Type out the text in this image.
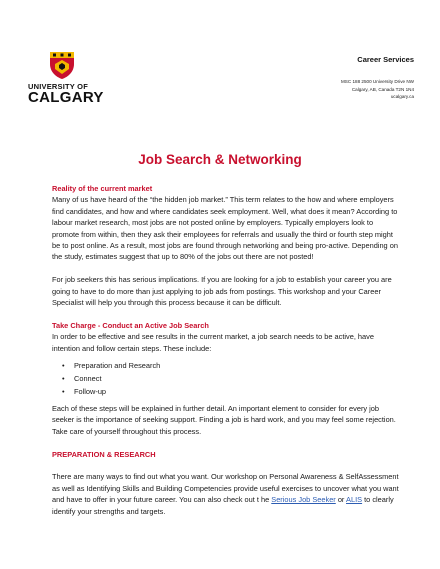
UNIVERSITY OF
CALGARY
Career Services
MSC 188 2500 University Drive NW
Calgary, AB, Canada T2N 1N4
ucalgary.ca
Job Search & Networking

Reality of the current market

Many of us have heard of the “the hidden job market.” This term relates to the how and where employers find candidates, and how and where candidates seek employment. Well, what does it mean? According to labour market research, most jobs are not posted online by employers. Typically employers look to promote from within, then they ask their employees for referrals and usually the third or fourth step might be to post online. As a result, most jobs are found through networking and being pro-active. Depending on the study, estimates suggest that up to 80% of the jobs out there are not posted!

For job seekers this has serious implications. If you are looking for a job to establish your career you are going to have to do more than just applying to job ads from postings. This workshop and your Career Specialist will help you through this process because it can be difficult.

Take Charge - Conduct an Active Job Search

In order to be effective and see results in the current market, a job search needs to be active, have intention and follow certain steps. These include:

• Preparation and Research
• Connect
• Follow-up

Each of these steps will be explained in further detail. An important element to consider for every job seeker is the importance of seeking support. Finding a job is hard work, and you may feel some rejection. Take care of yourself throughout this process.

PREPARATION & RESEARCH

There are many ways to find out what you want. Our workshop on Personal Awareness & SelfAssessment as well as Identifying Skills and Building Competencies provide useful exercises to uncover what you want and have to offer in your future career. You can also check out t he Serious Job Seeker or ALIS to clearly identify your strengths and targets.
